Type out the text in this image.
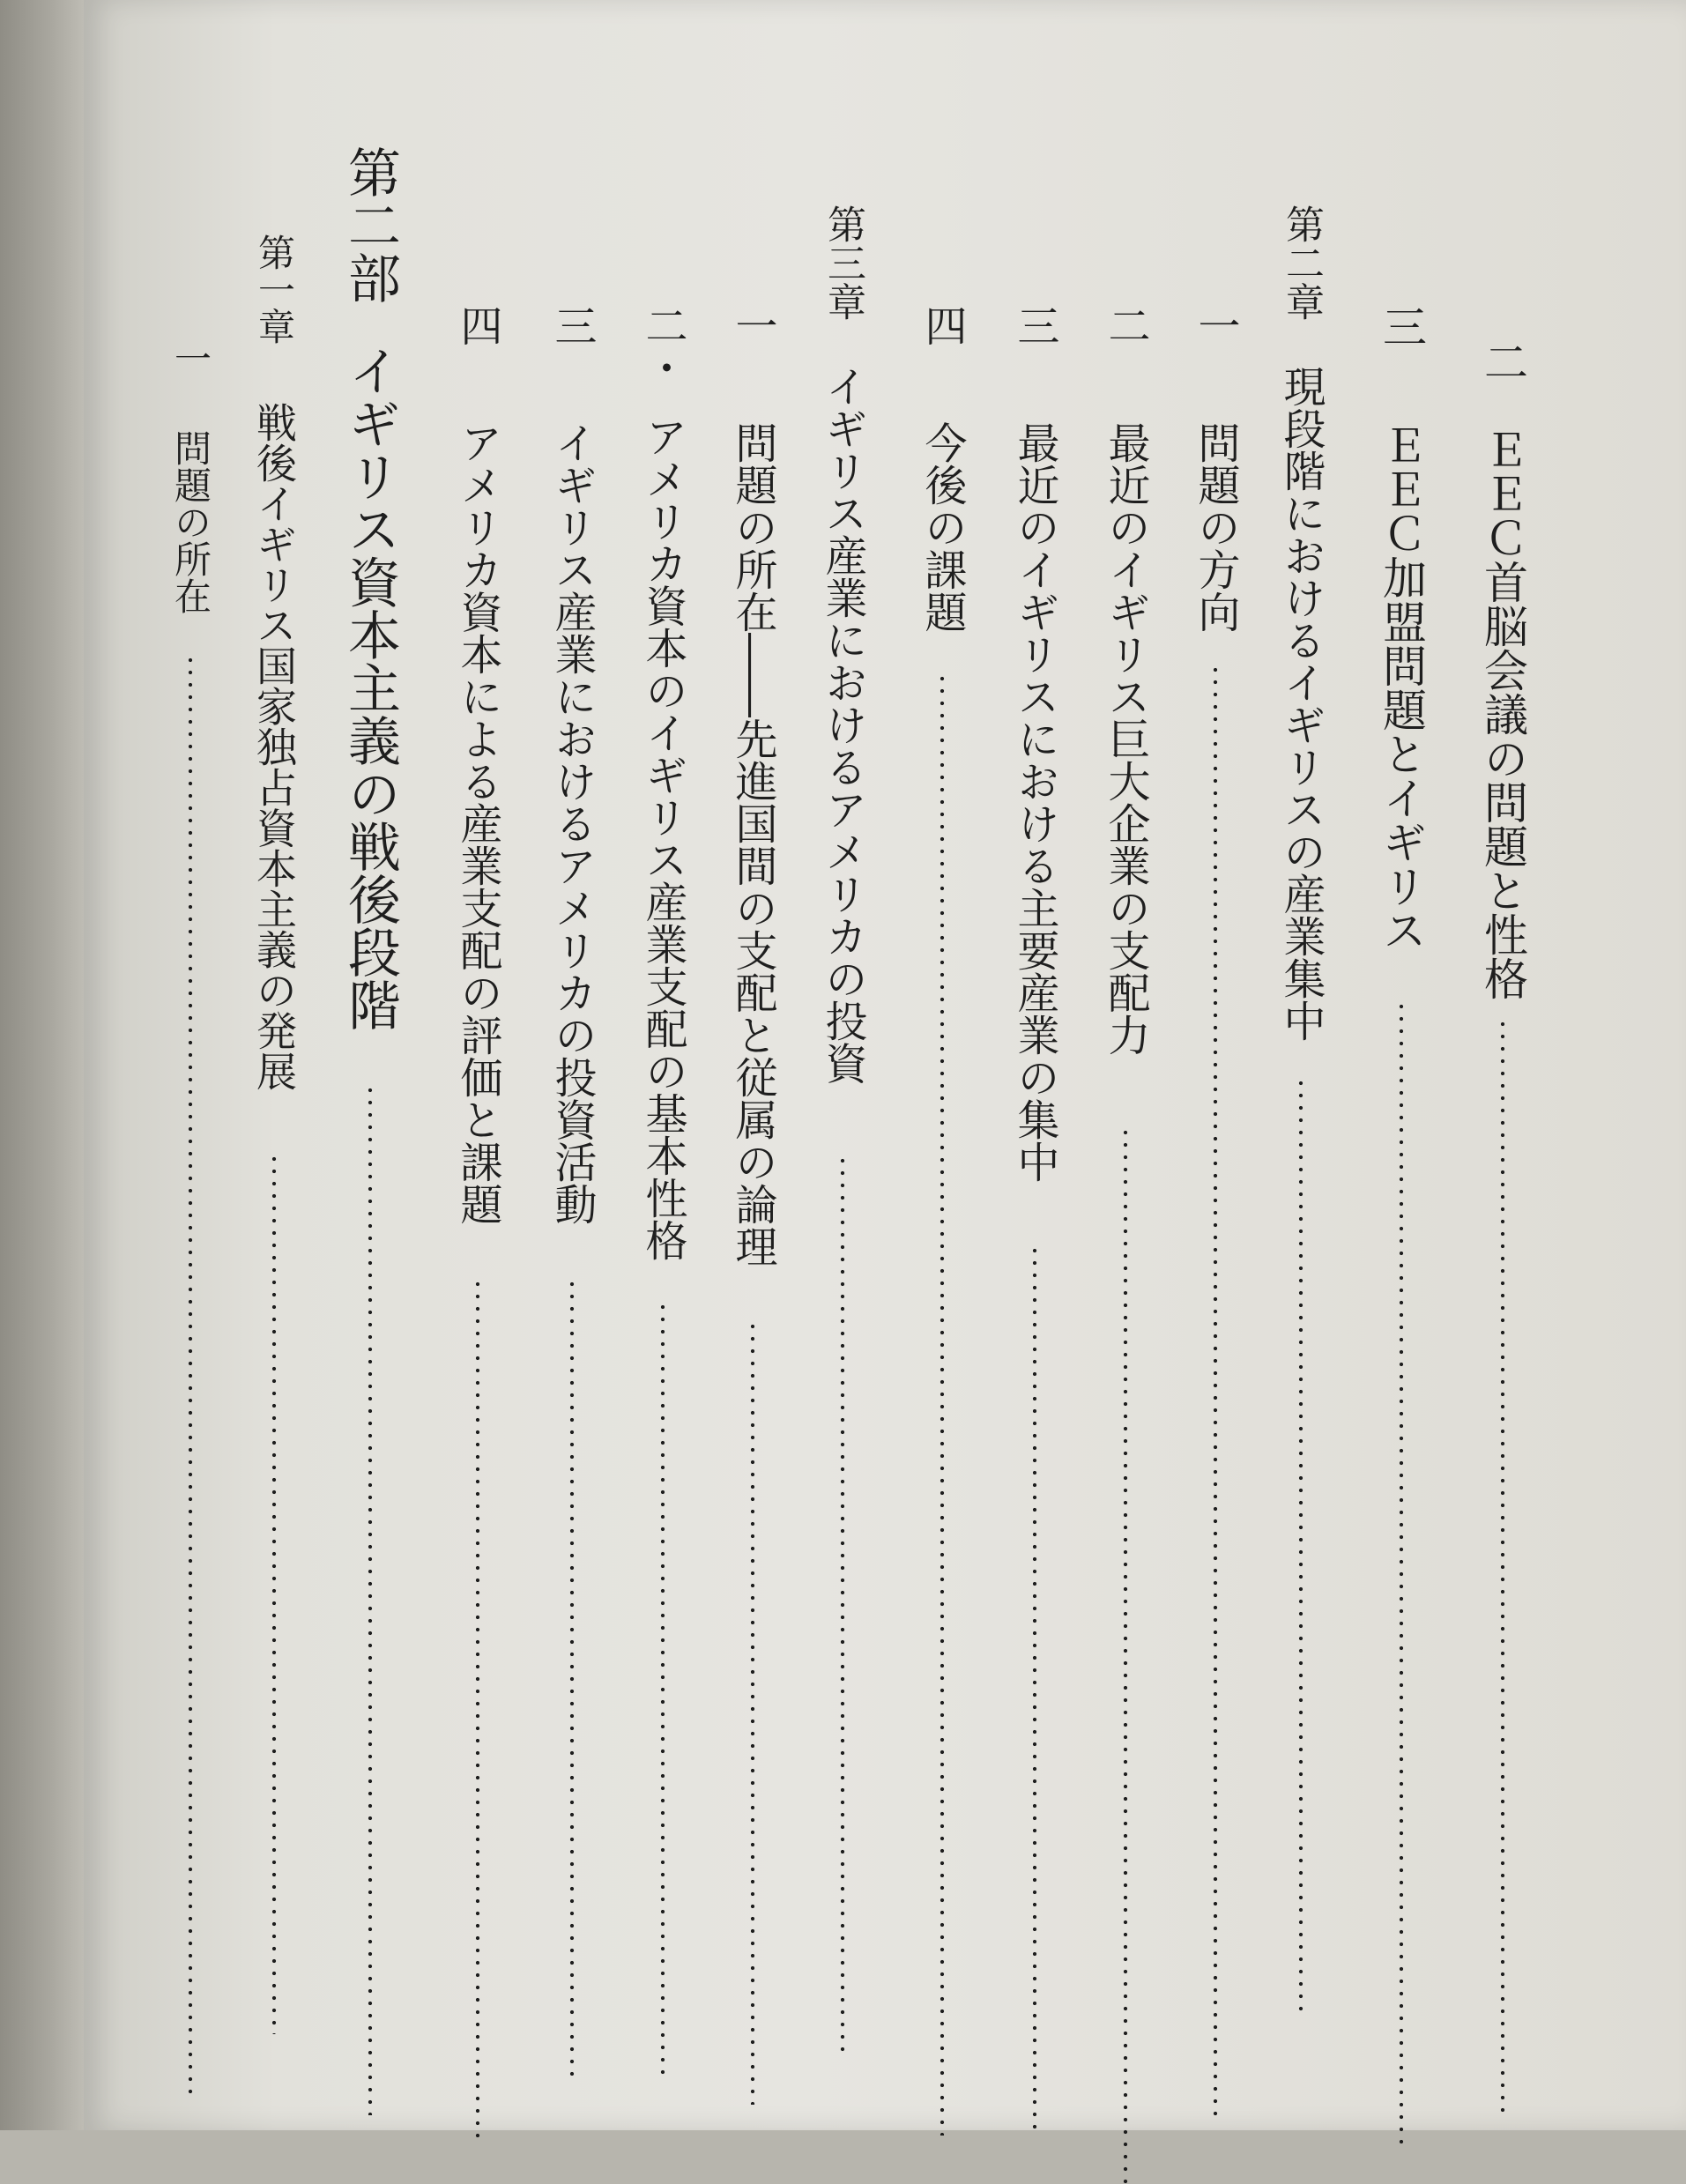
二
ＥＥＣ首脳会議の問題と性格
三
ＥＥＣ加盟問題とイギリス
第二章
現段階におけるイギリスの産業集中
一
問題の方向
二
最近のイギリス巨大企業の支配力
三
最近のイギリスにおける主要産業の集中
四
今後の課題
第三章
イギリス産業におけるアメリカの投資
一
問題の所在――先進国間の支配と従属の論理
二・
アメリカ資本のイギリス産業支配の基本性格
三
イギリス産業におけるアメリカの投資活動
四
アメリカ資本による産業支配の評価と課題
第二部
イギリス資本主義の戦後段階
第一章
戦後イギリス国家独占資本主義の発展
一
問題の所在
